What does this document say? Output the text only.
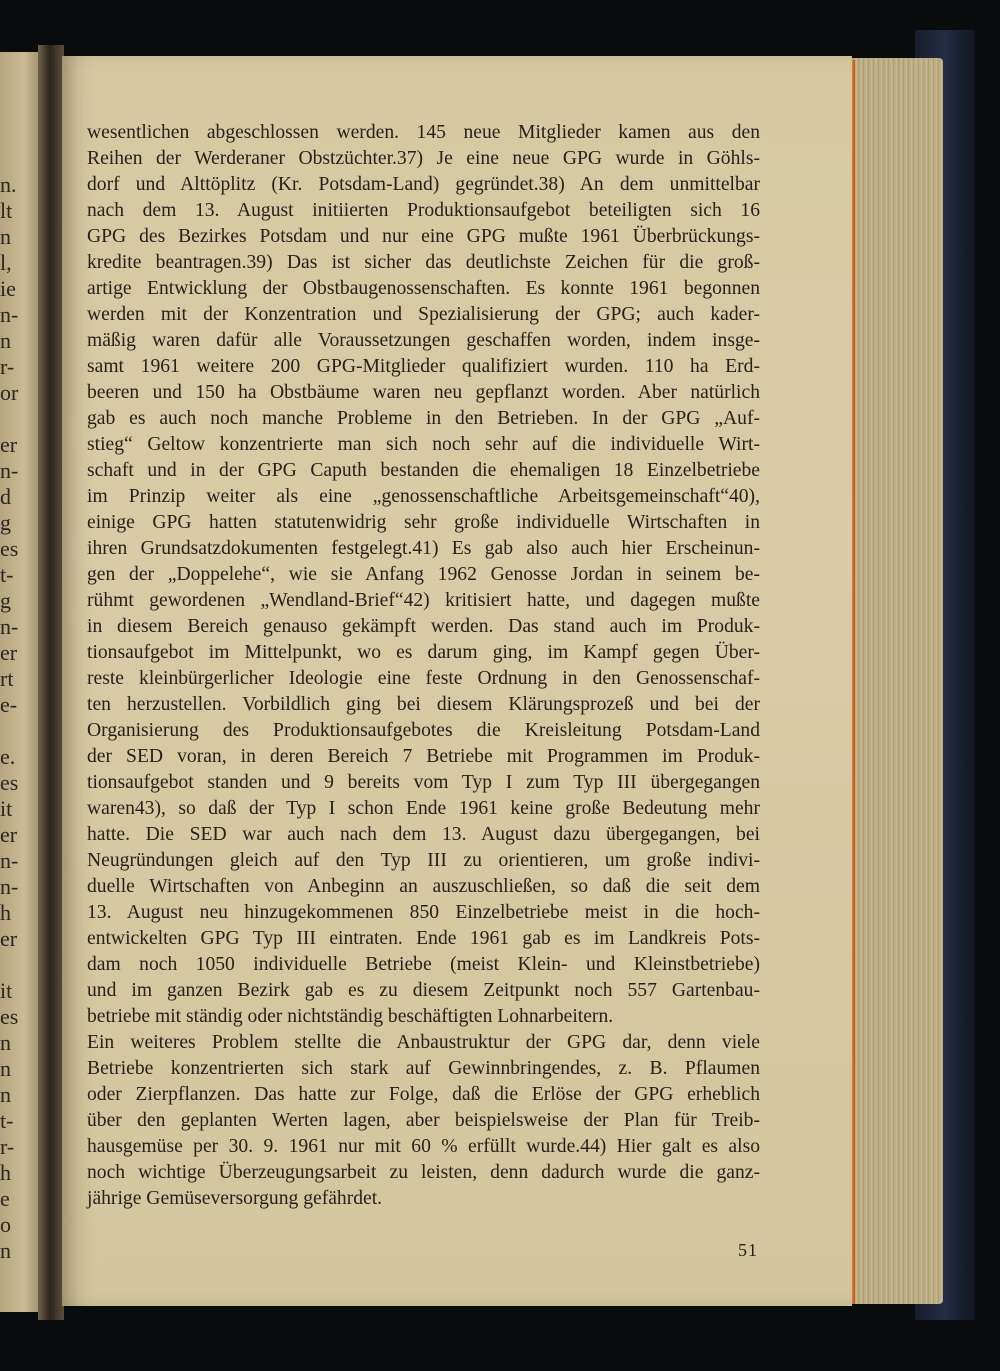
n.
lt
n
l,
ie
n-
n
r-
or
er
n-
d
g
es
t-
g
n-
er
rt
e-
e.
es
it
er
n-
n-
h
er
it
es
n
n
n
t-
r-
h
e
o
n
wesentlichen abgeschlossen werden. 145 neue Mitglieder kamen aus den
Reihen der Werderaner Obstzüchter.37) Je eine neue GPG wurde in Göhls-
dorf und Alttöplitz (Kr. Potsdam-Land) gegründet.38) An dem unmittelbar
nach dem 13. August initiierten Produktionsaufgebot beteiligten sich 16
GPG des Bezirkes Potsdam und nur eine GPG mußte 1961 Überbrückungs-
kredite beantragen.39) Das ist sicher das deutlichste Zeichen für die groß-
artige Entwicklung der Obstbaugenossenschaften. Es konnte 1961 begonnen
werden mit der Konzentration und Spezialisierung der GPG; auch kader-
mäßig waren dafür alle Voraussetzungen geschaffen worden, indem insge-
samt 1961 weitere 200 GPG-Mitglieder qualifiziert wurden. 110 ha Erd-
beeren und 150 ha Obstbäume waren neu gepflanzt worden. Aber natürlich
gab es auch noch manche Probleme in den Betrieben. In der GPG „Auf-
stieg“ Geltow konzentrierte man sich noch sehr auf die individuelle Wirt-
schaft und in der GPG Caputh bestanden die ehemaligen 18 Einzelbetriebe
im Prinzip weiter als eine „genossenschaftliche Arbeitsgemeinschaft“40),
einige GPG hatten statutenwidrig sehr große individuelle Wirtschaften in
ihren Grundsatzdokumenten festgelegt.41) Es gab also auch hier Erscheinun-
gen der „Doppelehe“, wie sie Anfang 1962 Genosse Jordan in seinem be-
rühmt gewordenen „Wendland-Brief“42) kritisiert hatte, und dagegen mußte
in diesem Bereich genauso gekämpft werden. Das stand auch im Produk-
tionsaufgebot im Mittelpunkt, wo es darum ging, im Kampf gegen Über-
reste kleinbürgerlicher Ideologie eine feste Ordnung in den Genossenschaf-
ten herzustellen. Vorbildlich ging bei diesem Klärungsprozeß und bei der
Organisierung des Produktionsaufgebotes die Kreisleitung Potsdam-Land
der SED voran, in deren Bereich 7 Betriebe mit Programmen im Produk-
tionsaufgebot standen und 9 bereits vom Typ I zum Typ III übergegangen
waren43), so daß der Typ I schon Ende 1961 keine große Bedeutung mehr
hatte. Die SED war auch nach dem 13. August dazu übergegangen, bei
Neugründungen gleich auf den Typ III zu orientieren, um große indivi-
duelle Wirtschaften von Anbeginn an auszuschließen, so daß die seit dem
13. August neu hinzugekommenen 850 Einzelbetriebe meist in die hoch-
entwickelten GPG Typ III eintraten. Ende 1961 gab es im Landkreis Pots-
dam noch 1050 individuelle Betriebe (meist Klein- und Kleinstbetriebe)
und im ganzen Bezirk gab es zu diesem Zeitpunkt noch 557 Gartenbau-
betriebe mit ständig oder nichtständig beschäftigten Lohnarbeitern.
Ein weiteres Problem stellte die Anbaustruktur der GPG dar, denn viele
Betriebe konzentrierten sich stark auf Gewinnbringendes, z. B. Pflaumen
oder Zierpflanzen. Das hatte zur Folge, daß die Erlöse der GPG erheblich
über den geplanten Werten lagen, aber beispielsweise der Plan für Treib-
hausgemüse per 30. 9. 1961 nur mit 60 % erfüllt wurde.44) Hier galt es also
noch wichtige Überzeugungsarbeit zu leisten, denn dadurch wurde die ganz-
jährige Gemüseversorgung gefährdet.
51
